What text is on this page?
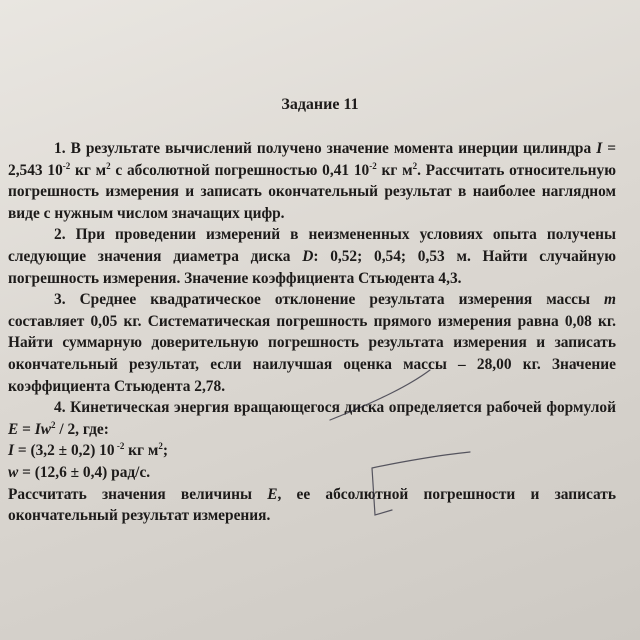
Задание 11

1. В результате вычислений получено значение момента инерции цилиндра I = 2,543 $10^{-2}$ кг $м^2$ с абсолютной погрешностью 0,41 $10^{-2}$ кг $м^2$. Рассчитать относительную погрешность измерения и записать окончательный результат в наиболее наглядном виде с нужным числом значащих цифр.

2. При проведении измерений в неизмененных условиях опыта получены следующие значения диаметра диска D: 0,52; 0,54; 0,53 м. Найти случайную погрешность измерения. Значение коэффициента Стьюдента 4,3.

3. Среднее квадратическое отклонение результата измерения массы m составляет 0,05 кг. Систематическая погрешность прямого измерения равна 0,08 кг. Найти суммарную доверительную погрешность результата измерения и записать окончательный результат, если наилучшая оценка массы – 28,00 кг. Значение коэффициента Стьюдента 2,78.

4. Кинетическая энергия вращающегося диска определяется рабочей формулой $E = Iw^2 / 2$, где:

I = (3,2 ± 0,2) 10 $^{-2}$ кг $м^2$;

w = (12,6 ± 0,4) рад/с.

Рассчитать значения величины E, ее абсолютной погрешности и записать окончательный результат измерения.
